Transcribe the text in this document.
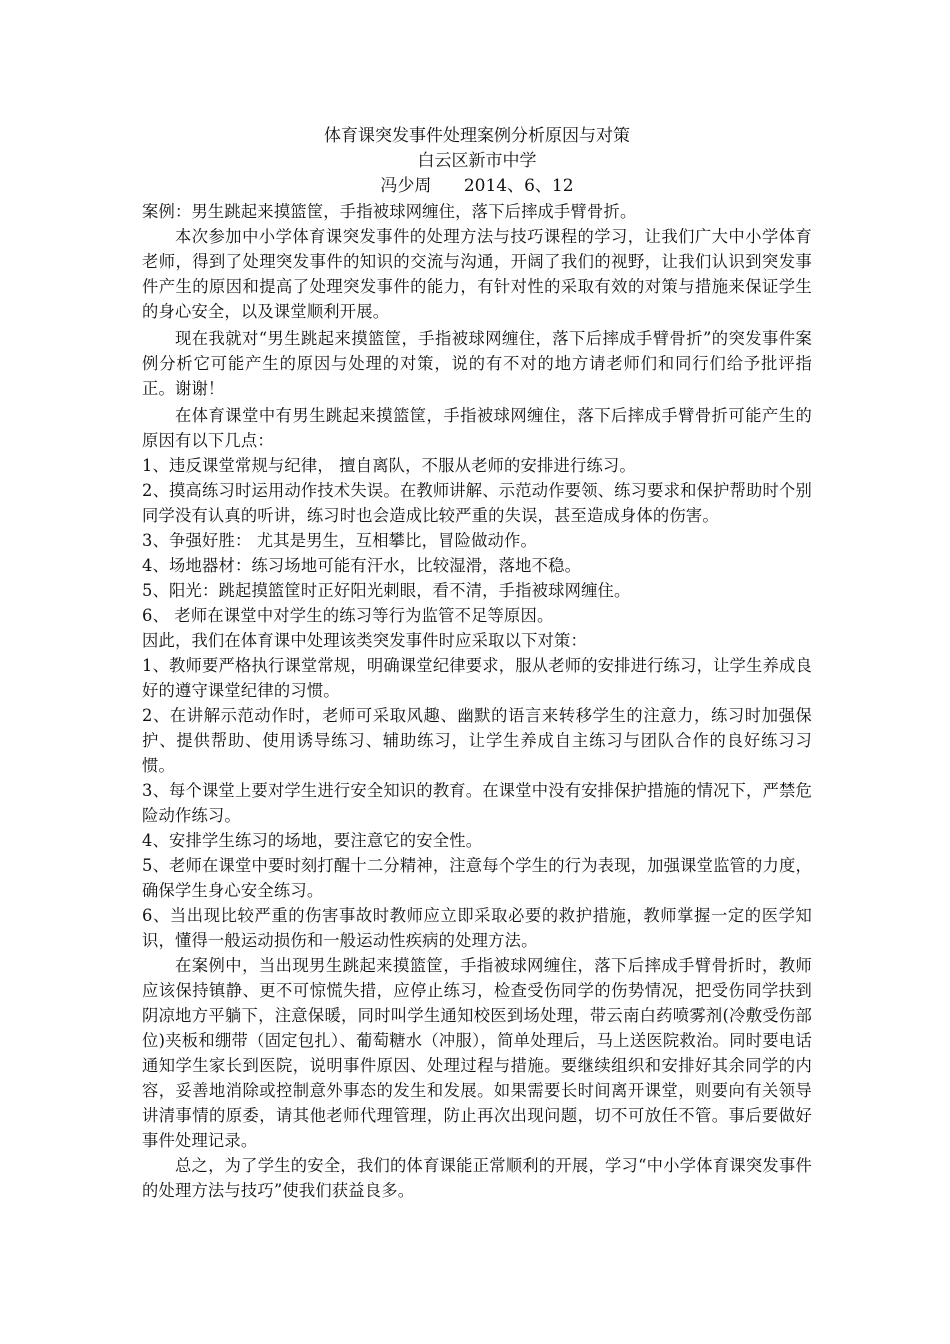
体育课突发事件处理案例分析原因与对策

白云区新市中学

冯少周      2014、6、12

案例：男生跳起来摸篮筐，手指被球网缠住，落下后摔成手臂骨折。

本次参加中小学体育课突发事件的处理方法与技巧课程的学习，让我们广大中小学体育老师，得到了处理突发事件的知识的交流与沟通，开阔了我们的视野，让我们认识到突发事件产生的原因和提高了处理突发事件的能力，有针对性的采取有效的对策与措施来保证学生的身心安全，以及课堂顺利开展。

现在我就对“男生跳起来摸篮筐，手指被球网缠住，落下后摔成手臂骨折”的突发事件案例分析它可能产生的原因与处理的对策，说的有不对的地方请老师们和同行们给予批评指正。谢谢！

在体育课堂中有男生跳起来摸篮筐，手指被球网缠住，落下后摔成手臂骨折可能产生的原因有以下几点：

1、违反课堂常规与纪律， 擅自离队，不服从老师的安排进行练习。

2、摸高练习时运用动作技术失误。在教师讲解、示范动作要领、练习要求和保护帮助时个别同学没有认真的听讲，练习时也会造成比较严重的失误，甚至造成身体的伤害。

3、争强好胜： 尤其是男生，互相攀比，冒险做动作。

4、场地器材：练习场地可能有汗水，比较湿滑，落地不稳。

5、阳光：跳起摸篮筐时正好阳光刺眼，看不清，手指被球网缠住。

6、 老师在课堂中对学生的练习等行为监管不足等原因。

因此，我们在体育课中处理该类突发事件时应采取以下对策：

1、教师要严格执行课堂常规，明确课堂纪律要求，服从老师的安排进行练习，让学生养成良好的遵守课堂纪律的习惯。

2、在讲解示范动作时，老师可采取风趣、幽默的语言来转移学生的注意力，练习时加强保护、提供帮助、使用诱导练习、辅助练习，让学生养成自主练习与团队合作的良好练习习惯。

3、每个课堂上要对学生进行安全知识的教育。在课堂中没有安排保护措施的情况下，严禁危险动作练习。

4、安排学生练习的场地，要注意它的安全性。

5、老师在课堂中要时刻打醒十二分精神，注意每个学生的行为表现，加强课堂监管的力度，确保学生身心安全练习。

6、当出现比较严重的伤害事故时教师应立即采取必要的救护措施，教师掌握一定的医学知识，懂得一般运动损伤和一般运动性疾病的处理方法。

在案例中，当出现男生跳起来摸篮筐，手指被球网缠住，落下后摔成手臂骨折时，教师应该保持镇静、更不可惊慌失措，应停止练习，检查受伤同学的伤势情况，把受伤同学扶到阴凉地方平躺下，注意保暖，同时叫学生通知校医到场处理，带云南白药喷雾剂(冷敷受伤部位)夹板和绷带（固定包扎）、葡萄糖水（冲服），简单处理后，马上送医院救治。同时要电话通知学生家长到医院，说明事件原因、处理过程与措施。要继续组织和安排好其余同学的内容，妥善地消除或控制意外事态的发生和发展。如果需要长时间离开课堂，则要向有关领导讲清事情的原委，请其他老师代理管理，防止再次出现问题，切不可放任不管。事后要做好事件处理记录。

总之，为了学生的安全，我们的体育课能正常顺利的开展，学习“中小学体育课突发事件的处理方法与技巧”使我们获益良多。
